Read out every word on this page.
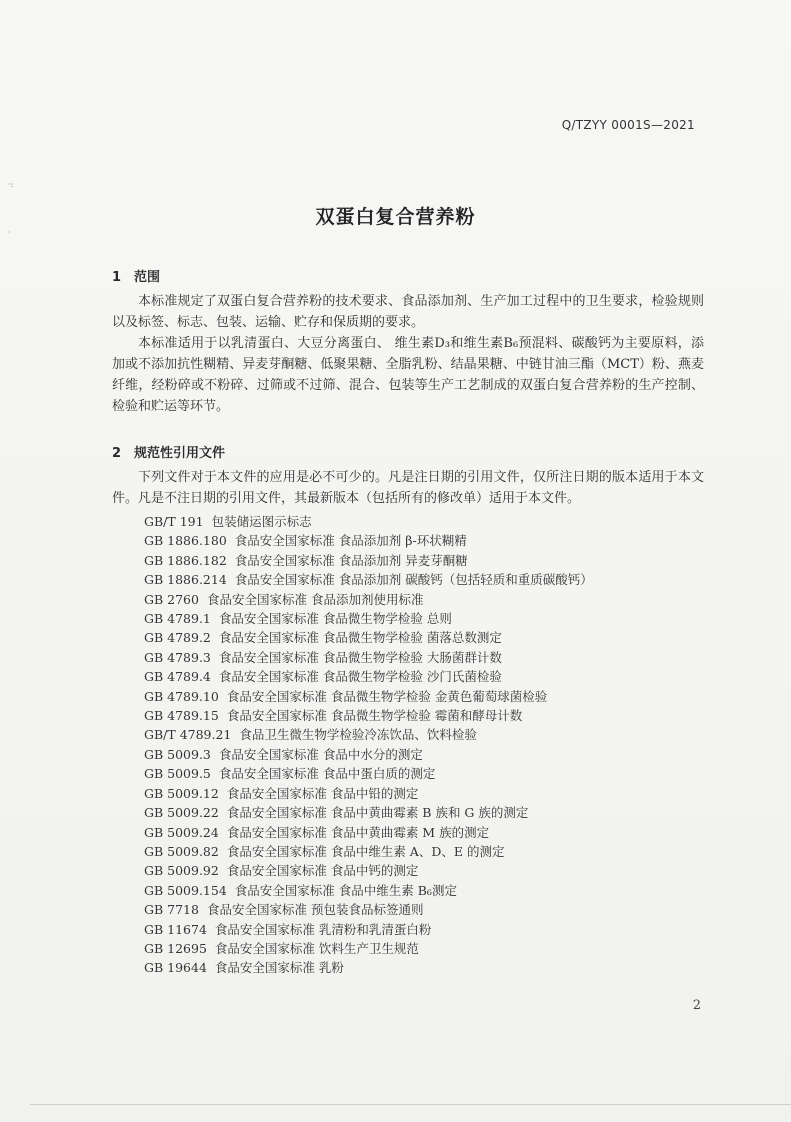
·:
·
Q/TZYY 0001S—2021
双蛋白复合营养粉
1 范围

本标准规定了双蛋白复合营养粉的技术要求、食品添加剂、生产加工过程中的卫生要求，检验规则以及标签、标志、包装、运输、贮存和保质期的要求。

本标准适用于以乳清蛋白、大豆分离蛋白、 维生素D₃和维生素B₆预混料、碳酸钙为主要原料，添加或不添加抗性糊精、异麦芽酮糖、低聚果糖、全脂乳粉、结晶果糖、中链甘油三酯（MCT）粉、燕麦纤维，经粉碎或不粉碎、过筛或不过筛、混合、包装等生产工艺制成的双蛋白复合营养粉的生产控制、检验和贮运等环节。

2 规范性引用文件

下列文件对于本文件的应用是必不可少的。凡是注日期的引用文件，仅所注日期的版本适用于本文件。凡是不注日期的引用文件，其最新版本（包括所有的修改单）适用于本文件。

GB/T 191 包装储运图示标志
GB 1886.180 食品安全国家标准 食品添加剂 β-环状糊精
GB 1886.182 食品安全国家标准 食品添加剂 异麦芽酮糖
GB 1886.214 食品安全国家标准 食品添加剂 碳酸钙（包括轻质和重质碳酸钙）
GB 2760 食品安全国家标准 食品添加剂使用标准
GB 4789.1 食品安全国家标准 食品微生物学检验 总则
GB 4789.2 食品安全国家标准 食品微生物学检验 菌落总数测定
GB 4789.3 食品安全国家标准 食品微生物学检验 大肠菌群计数
GB 4789.4 食品安全国家标准 食品微生物学检验 沙门氏菌检验
GB 4789.10 食品安全国家标准 食品微生物学检验 金黄色葡萄球菌检验
GB 4789.15 食品安全国家标准 食品微生物学检验 霉菌和酵母计数
GB/T 4789.21 食品卫生微生物学检验冷冻饮品、饮料检验
GB 5009.3 食品安全国家标准 食品中水分的测定
GB 5009.5 食品安全国家标准 食品中蛋白质的测定
GB 5009.12 食品安全国家标准 食品中铅的测定
GB 5009.22 食品安全国家标准 食品中黄曲霉素 B 族和 G 族的测定
GB 5009.24 食品安全国家标准 食品中黄曲霉素 M 族的测定
GB 5009.82 食品安全国家标准 食品中维生素 A、D、E 的测定
GB 5009.92 食品安全国家标准 食品中钙的测定
GB 5009.154 食品安全国家标准 食品中维生素 B₆测定
GB 7718 食品安全国家标准 预包装食品标签通则
GB 11674 食品安全国家标准 乳清粉和乳清蛋白粉
GB 12695 食品安全国家标准 饮料生产卫生规范
GB 19644 食品安全国家标准 乳粉
2
